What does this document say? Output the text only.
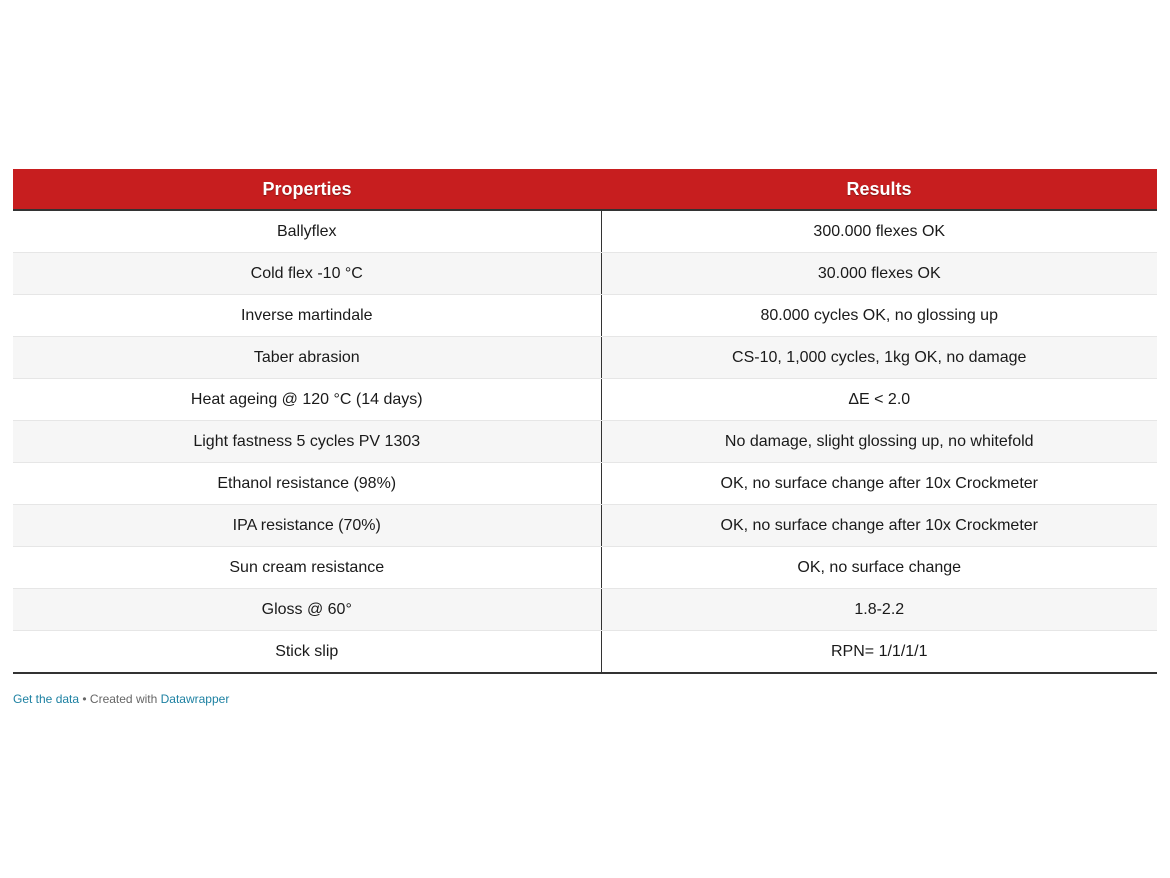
Properties	Results
Ballyflex	300.000 flexes OK
Cold flex -10 °C	30.000 flexes OK
Inverse martindale	80.000 cycles OK, no glossing up
Taber abrasion	CS-10, 1,000 cycles, 1kg OK, no damage
Heat ageing @ 120 °C (14 days)	ΔE < 2.0
Light fastness 5 cycles PV 1303	No damage, slight glossing up, no whitefold
Ethanol resistance (98%)	OK, no surface change after 10x Crockmeter
IPA resistance (70%)	OK, no surface change after 10x Crockmeter
Sun cream resistance	OK, no surface change
Gloss @ 60°	1.8-2.2
Stick slip	RPN= 1/1/1/1
Get the data • Created with Datawrapper
